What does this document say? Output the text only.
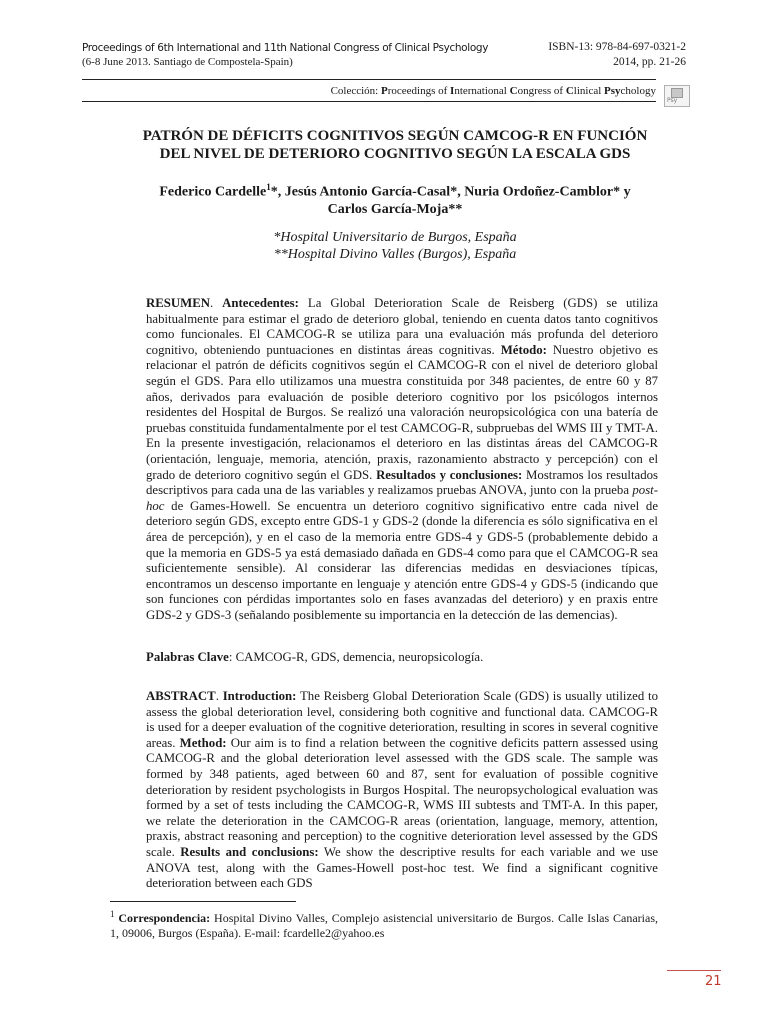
Proceedings of 6th International and 11th National Congress of Clinical Psychology
(6-8 June 2013. Santiago de Compostela-Spain)
ISBN-13: 978-84-697-0321-2
2014, pp. 21-26
Colección: Proceedings of International Congress of Clinical Psychology
Psy
PATRÓN DE DÉFICITS COGNITIVOS SEGÚN CAMCOG-R EN FUNCIÓN
DEL NIVEL DE DETERIORO COGNITIVO SEGÚN LA ESCALA GDS
Federico Cardelle$^1$*, Jesús Antonio García-Casal*, Nuria Ordoñez-Camblor* y
Carlos García-Moja**
*Hospital Universitario de Burgos, España
**Hospital Divino Valles (Burgos), España
RESUMEN. Antecedentes: La Global Deterioration Scale de Reisberg (GDS) se utiliza habitualmente para estimar el grado de deterioro global, teniendo en cuenta datos tanto cognitivos como funcionales. El CAMCOG-R se utiliza para una evaluación más profunda del deterioro cognitivo, obteniendo puntuaciones en distintas áreas cognitivas. Método: Nuestro objetivo es relacionar el patrón de déficits cognitivos según el CAMCOG-R con el nivel de deterioro global según el GDS. Para ello utilizamos una muestra constituida por 348 pacientes, de entre 60 y 87 años, derivados para evaluación de posible deterioro cognitivo por los psicólogos internos residentes del Hospital de Burgos. Se realizó una valoración neuropsicológica con una batería de pruebas constituida fundamentalmente por el test CAMCOG-R, subpruebas del WMS III y TMT-A. En la presente investigación, relacionamos el deterioro en las distintas áreas del CAMCOG-R (orientación, lenguaje, memoria, atención, praxis, razonamiento abstracto y percepción) con el grado de deterioro cognitivo según el GDS. Resultados y conclusiones: Mostramos los resultados descriptivos para cada una de las variables y realizamos pruebas ANOVA, junto con la prueba post-hoc de Games-Howell. Se encuentra un deterioro cognitivo significativo entre cada nivel de deterioro según GDS, excepto entre GDS-1 y GDS-2 (donde la diferencia es sólo significativa en el área de percepción), y en el caso de la memoria entre GDS-4 y GDS-5 (probablemente debido a que la memoria en GDS-5 ya está demasiado dañada en GDS-4 como para que el CAMCOG-R sea suficientemente sensible). Al considerar las diferencias medidas en desviaciones típicas, encontramos un descenso importante en lenguaje y atención entre GDS-4 y GDS-5 (indicando que son funciones con pérdidas importantes solo en fases avanzadas del deterioro) y en praxis entre GDS-2 y GDS-3 (señalando posiblemente su importancia en la detección de las demencias).
Palabras Clave: CAMCOG-R, GDS, demencia, neuropsicología.
ABSTRACT. Introduction: The Reisberg Global Deterioration Scale (GDS) is usually utilized to assess the global deterioration level, considering both cognitive and functional data. CAMCOG-R is used for a deeper evaluation of the cognitive deterioration, resulting in scores in several cognitive areas. Method: Our aim is to find a relation between the cognitive deficits pattern assessed using CAMCOG-R and the global deterioration level assessed with the GDS scale. The sample was formed by 348 patients, aged between 60 and 87, sent for evaluation of possible cognitive deterioration by resident psychologists in Burgos Hospital. The neuropsychological evaluation was formed by a set of tests including the CAMCOG-R, WMS III subtests and TMT-A. In this paper, we relate the deterioration in the CAMCOG-R areas (orientation, language, memory, attention, praxis, abstract reasoning and perception) to the cognitive deterioration level assessed by the GDS scale. Results and conclusions: We show the descriptive results for each variable and we use ANOVA test, along with the Games-Howell post-hoc test. We find a significant cognitive deterioration between each GDS
$^1$ Correspondencia: Hospital Divino Valles, Complejo asistencial universitario de Burgos. Calle Islas Canarias, 1, 09006, Burgos (España). E-mail: fcardelle2@yahoo.es
21
